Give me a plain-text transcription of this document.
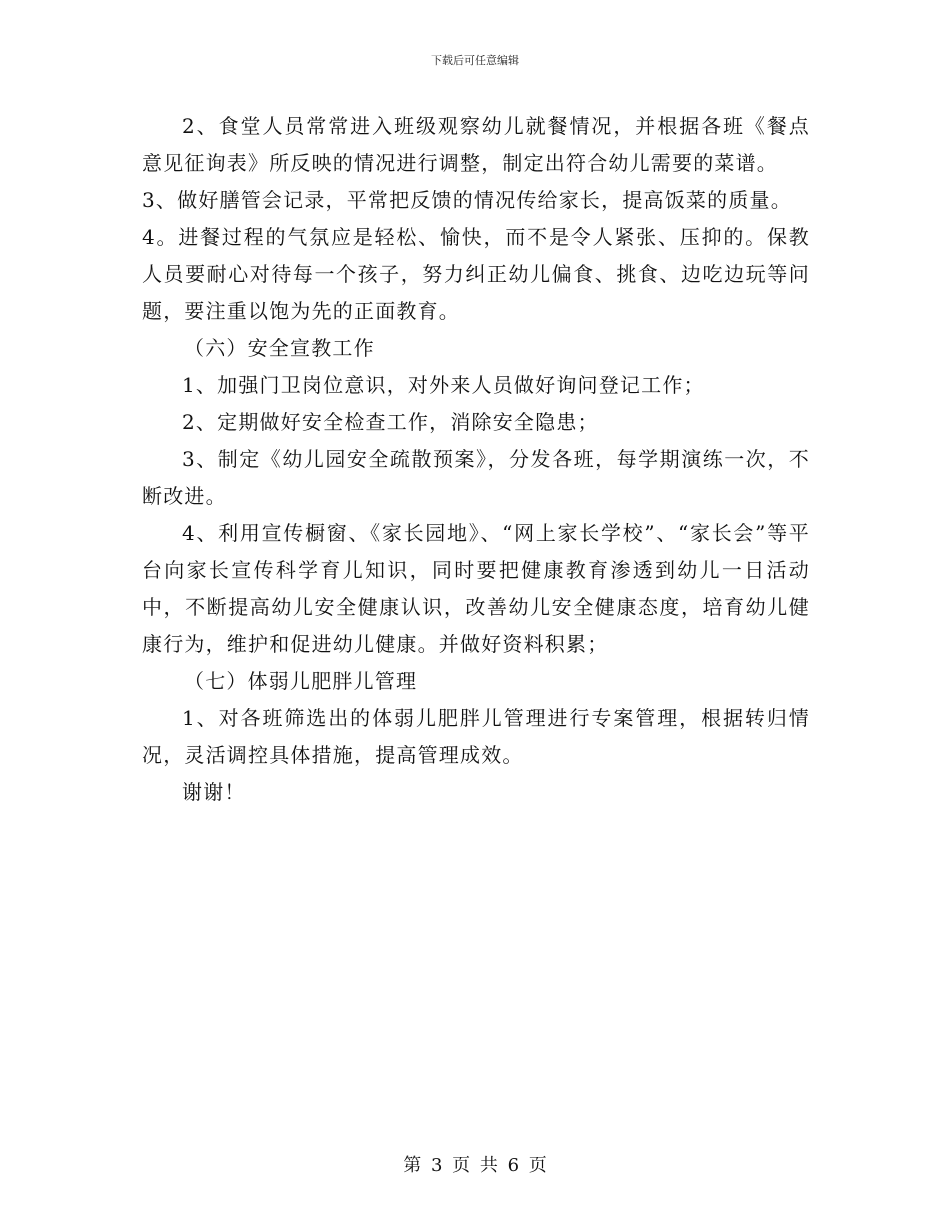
下载后可任意编辑

2、食堂人员常常进入班级观察幼儿就餐情况，并根据各班《餐点意见征询表》所反映的情况进行调整，制定出符合幼儿需要的菜谱。

3、做好膳管会记录，平常把反馈的情况传给家长，提高饭菜的质量。

4。进餐过程的气氛应是轻松、愉快，而不是令人紧张、压抑的。保教人员要耐心对待每一个孩子，努力纠正幼儿偏食、挑食、边吃边玩等问题，要注重以饱为先的正面教育。

（六）安全宣教工作

1、加强门卫岗位意识，对外来人员做好询问登记工作；

2、定期做好安全检查工作，消除安全隐患；

3、制定《幼儿园安全疏散预案》，分发各班，每学期演练一次，不断改进。

4、利用宣传橱窗、《家长园地》、“网上家长学校”、“家长会”等平台向家长宣传科学育儿知识，同时要把健康教育渗透到幼儿一日活动中，不断提高幼儿安全健康认识，改善幼儿安全健康态度，培育幼儿健康行为，维护和促进幼儿健康。并做好资料积累；

（七）体弱儿肥胖儿管理

1、对各班筛选出的体弱儿肥胖儿管理进行专案管理，根据转归情况，灵活调控具体措施，提高管理成效。

谢谢！

第 3 页 共 6 页
